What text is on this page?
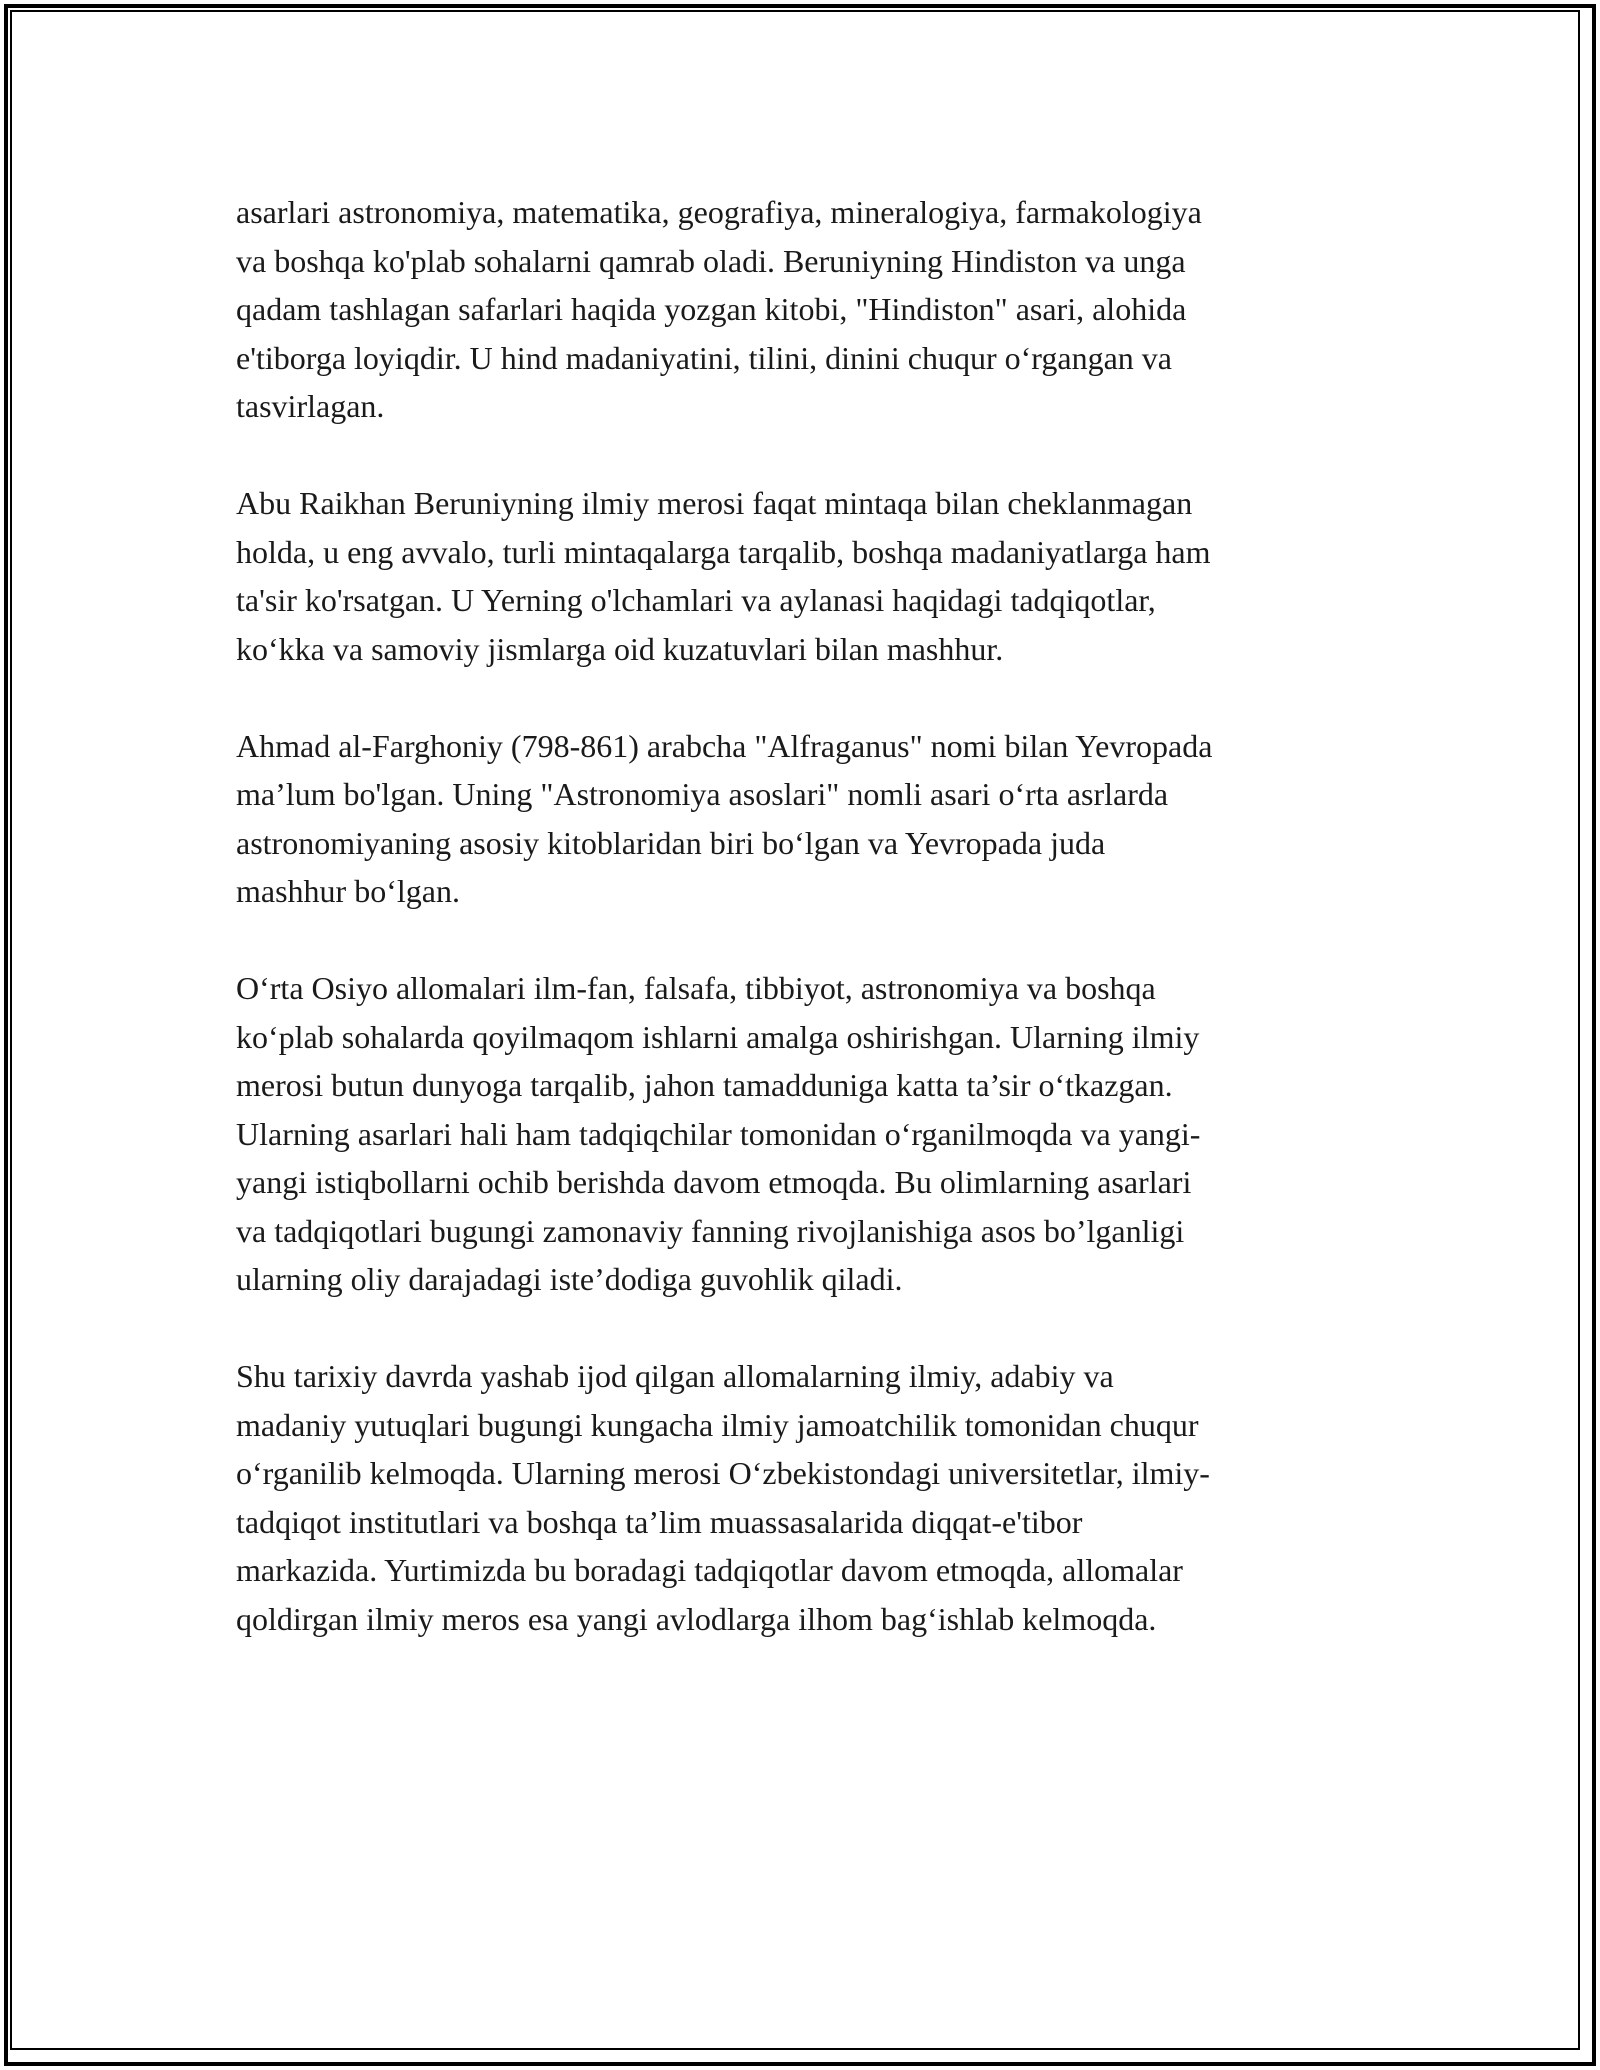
asarlari astronomiya, matematika, geografiya, mineralogiya, farmakologiya
va boshqa ko'plab sohalarni qamrab oladi. Beruniyning Hindiston va unga
qadam tashlagan safarlari haqida yozgan kitobi, "Hindiston" asari, alohida
e'tiborga loyiqdir. U hind madaniyatini, tilini, dinini chuqur o‘rgangan va
tasvirlagan.

Abu Raikhan Beruniyning ilmiy merosi faqat mintaqa bilan cheklanmagan
holda, u eng avvalo, turli mintaqalarga tarqalib, boshqa madaniyatlarga ham
ta'sir ko'rsatgan. U Yerning o'lchamlari va aylanasi haqidagi tadqiqotlar,
ko‘kka va samoviy jismlarga oid kuzatuvlari bilan mashhur.

Ahmad al-Farghoniy (798-861) arabcha "Alfraganus" nomi bilan Yevropada
ma’lum bo'lgan. Uning "Astronomiya asoslari" nomli asari o‘rta asrlarda
astronomiyaning asosiy kitoblaridan biri bo‘lgan va Yevropada juda
mashhur bo‘lgan.

O‘rta Osiyo allomalari ilm-fan, falsafa, tibbiyot, astronomiya va boshqa
ko‘plab sohalarda qoyilmaqom ishlarni amalga oshirishgan. Ularning ilmiy
merosi butun dunyoga tarqalib, jahon tamadduniga katta ta’sir o‘tkazgan.
Ularning asarlari hali ham tadqiqchilar tomonidan o‘rganilmoqda va yangi-
yangi istiqbollarni ochib berishda davom etmoqda. Bu olimlarning asarlari
va tadqiqotlari bugungi zamonaviy fanning rivojlanishiga asos bo’lganligi
ularning oliy darajadagi iste’dodiga guvohlik qiladi.

Shu tarixiy davrda yashab ijod qilgan allomalarning ilmiy, adabiy va
madaniy yutuqlari bugungi kungacha ilmiy jamoatchilik tomonidan chuqur
o‘rganilib kelmoqda. Ularning merosi O‘zbekistondagi universitetlar, ilmiy-
tadqiqot institutlari va boshqa ta’lim muassasalarida diqqat-e'tibor
markazida. Yurtimizda bu boradagi tadqiqotlar davom etmoqda, allomalar
qoldirgan ilmiy meros esa yangi avlodlarga ilhom bag‘ishlab kelmoqda.
